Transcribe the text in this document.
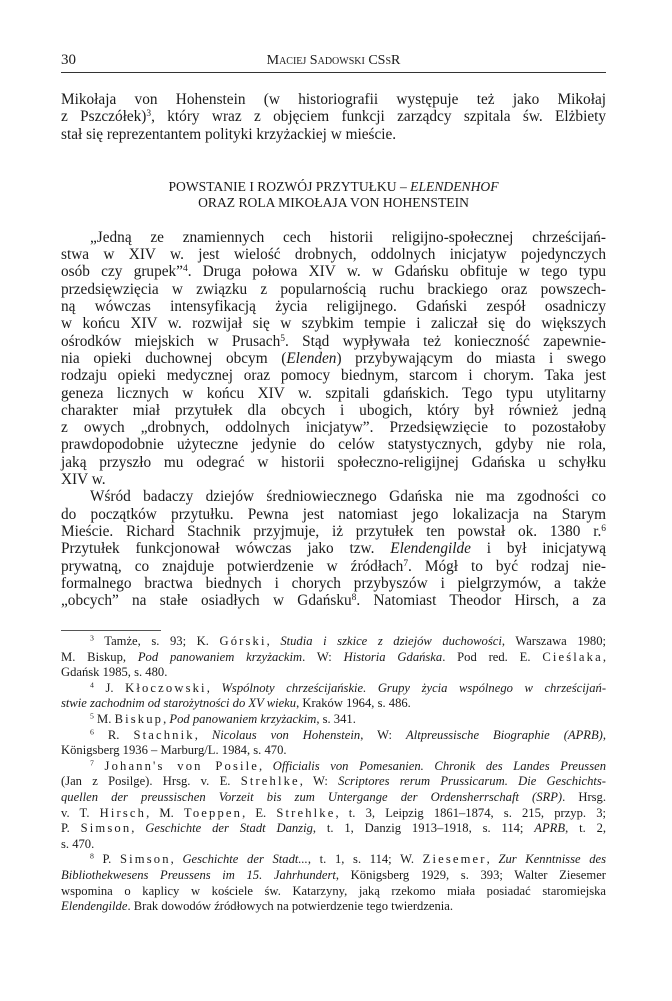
30	Maciej Sadowski CSsR
Mikołaja von Hohenstein (w historiografii występuje też jako Mikołaj
z Pszczółek)$^3$, który wraz z objęciem funkcji zarządcy szpitala św. Elżbiety
stał się reprezentantem polityki krzyżackiej w mieście.
POWSTANIE I ROZWÓJ PRZYTUŁKU – ELENDENHOF
ORAZ ROLA MIKOŁAJA VON HOHENSTEIN
„Jedną ze znamiennych cech historii religijno-społecznej chrześcijań-
stwa w XIV w. jest wielość drobnych, oddolnych inicjatyw pojedynczych
osób czy grupek”$^4$. Druga połowa XIV w. w Gdańsku obfituje w tego typu
przedsięwzięcia w związku z popularnością ruchu brackiego oraz powszech-
ną wówczas intensyfikacją życia religijnego. Gdański zespół osadniczy
w końcu XIV w. rozwijał się w szybkim tempie i zaliczał się do większych
ośrodków miejskich w Prusach$^5$. Stąd wypływała też konieczność zapewnie-
nia opieki duchownej obcym (Elenden) przybywającym do miasta i swego
rodzaju opieki medycznej oraz pomocy biednym, starcom i chorym. Taka jest
geneza licznych w końcu XIV w. szpitali gdańskich. Tego typu utylitarny
charakter miał przytułek dla obcych i ubogich, który był również jedną
z owych „drobnych, oddolnych inicjatyw”. Przedsięwzięcie to pozostałoby
prawdopodobnie użyteczne jedynie do celów statystycznych, gdyby nie rola,
jaką przyszło mu odegrać w historii społeczno-religijnej Gdańska u schyłku
XIV w.
Wśród badaczy dziejów średniowiecznego Gdańska nie ma zgodności co
do początków przytułku. Pewna jest natomiast jego lokalizacja na Starym
Mieście. Richard Stachnik przyjmuje, iż przytułek ten powstał ok. 1380 r.$^6$
Przytułek funkcjonował wówczas jako tzw. Elendengilde i był inicjatywą
prywatną, co znajduje potwierdzenie w źródłach$^7$. Mógł to być rodzaj nie-
formalnego bractwa biednych i chorych przybyszów i pielgrzymów, a także
„obcych” na stałe osiadłych w Gdańsku$^8$. Natomiast Theodor Hirsch, a za
$^3$ Tamże, s. 93; K. Górski, Studia i szkice z dziejów duchowości, Warszawa 1980;
M. Biskup, Pod panowaniem krzyżackim. W: Historia Gdańska. Pod red. E. Cieślaka,
Gdańsk 1985, s. 480.
$^4$ J. Kłoczowski, Wspólnoty chrześcijańskie. Grupy życia wspólnego w chrześcijań-
stwie zachodnim od starożytności do XV wieku, Kraków 1964, s. 486.
$^5$ M. Biskup, Pod panowaniem krzyżackim, s. 341.
$^6$ R. Stachnik, Nicolaus von Hohenstein, W: Altpreussische Biographie (APRB),
Königsberg 1936 – Marburg/L. 1984, s. 470.
$^7$ Johann's von Posile, Officialis von Pomesanien. Chronik des Landes Preussen
(Jan z Posilge). Hrsg. v. E. Strehlke, W: Scriptores rerum Prussicarum. Die Geschichts-
quellen der preussischen Vorzeit bis zum Untergange der Ordensherrschaft (SRP). Hrsg.
v. T. Hirsch, M. Toeppen, E. Strehlke, t. 3, Leipzig 1861–1874, s. 215, przyp. 3;
P. Simson, Geschichte der Stadt Danzig, t. 1, Danzig 1913–1918, s. 114; APRB, t. 2,
s. 470.
$^8$ P. Simson, Geschichte der Stadt..., t. 1, s. 114; W. Ziesemer, Zur Kenntnisse des
Bibliothekwesens Preussens im 15. Jahrhundert, Königsberg 1929, s. 393; Walter Ziesemer
wspomina o kaplicy w kościele św. Katarzyny, jaką rzekomo miała posiadać staromiejska
Elendengilde. Brak dowodów źródłowych na potwierdzenie tego twierdzenia.
